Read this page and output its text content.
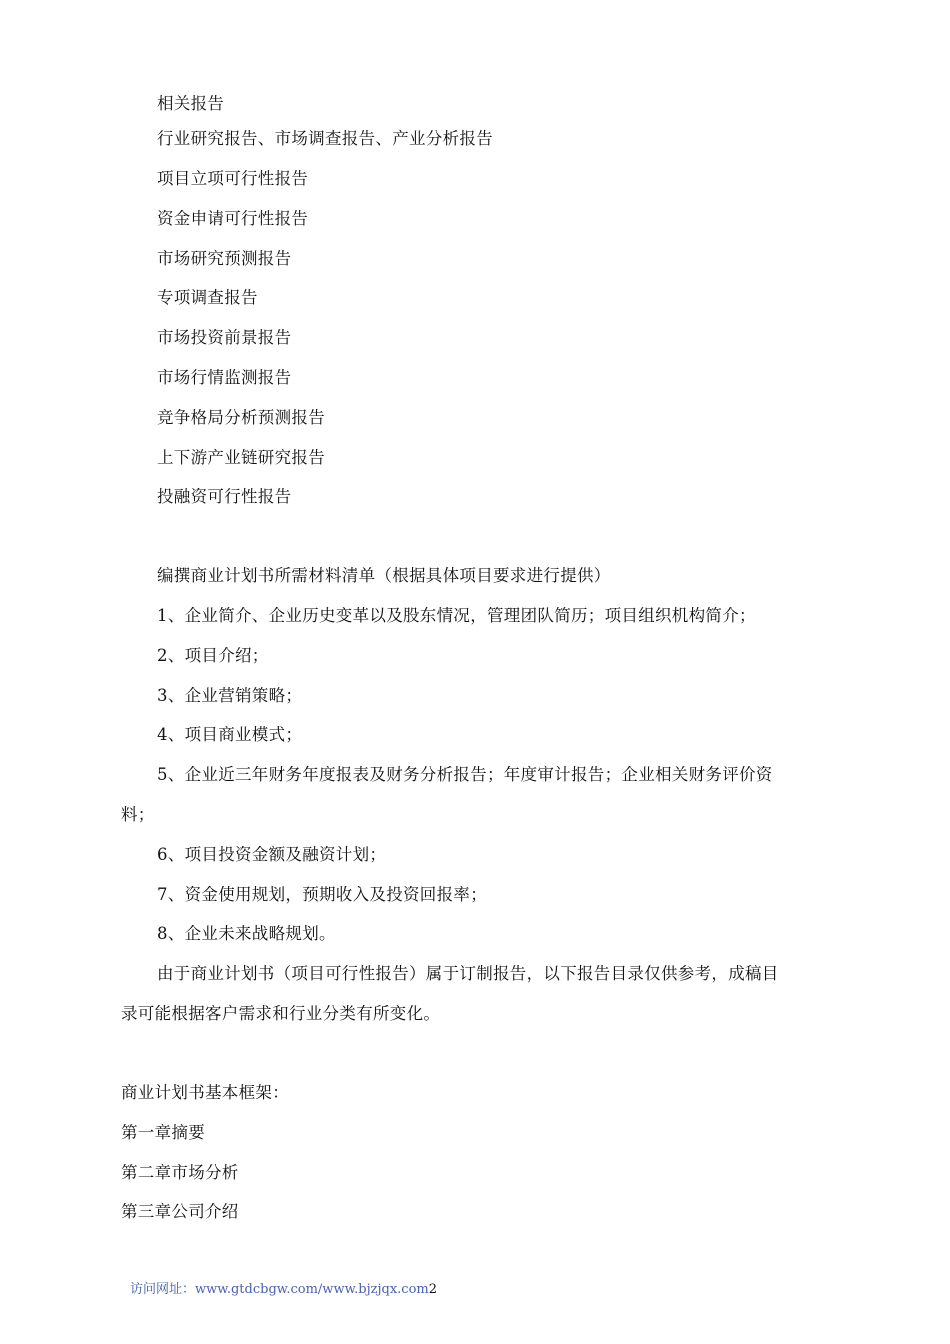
相关报告
行业研究报告、市场调查报告、产业分析报告
项目立项可行性报告
资金申请可行性报告
市场研究预测报告
专项调查报告
市场投资前景报告
市场行情监测报告
竞争格局分析预测报告
上下游产业链研究报告
投融资可行性报告
编撰商业计划书所需材料清单（根据具体项目要求进行提供）
1、企业简介、企业历史变革以及股东情况，管理团队简历；项目组织机构简介；
2、项目介绍；
3、企业营销策略；
4、项目商业模式；
5、企业近三年财务年度报表及财务分析报告；年度审计报告；企业相关财务评价资
料；
6、项目投资金额及融资计划；
7、资金使用规划，预期收入及投资回报率；
8、企业未来战略规划。
由于商业计划书（项目可行性报告）属于订制报告，以下报告目录仅供参考，成稿目
录可能根据客户需求和行业分类有所变化。
商业计划书基本框架：
第一章摘要
第二章市场分析
第三章公司介绍
访问网址：www.gtdcbgw.com/www.bjzjqx.com2
